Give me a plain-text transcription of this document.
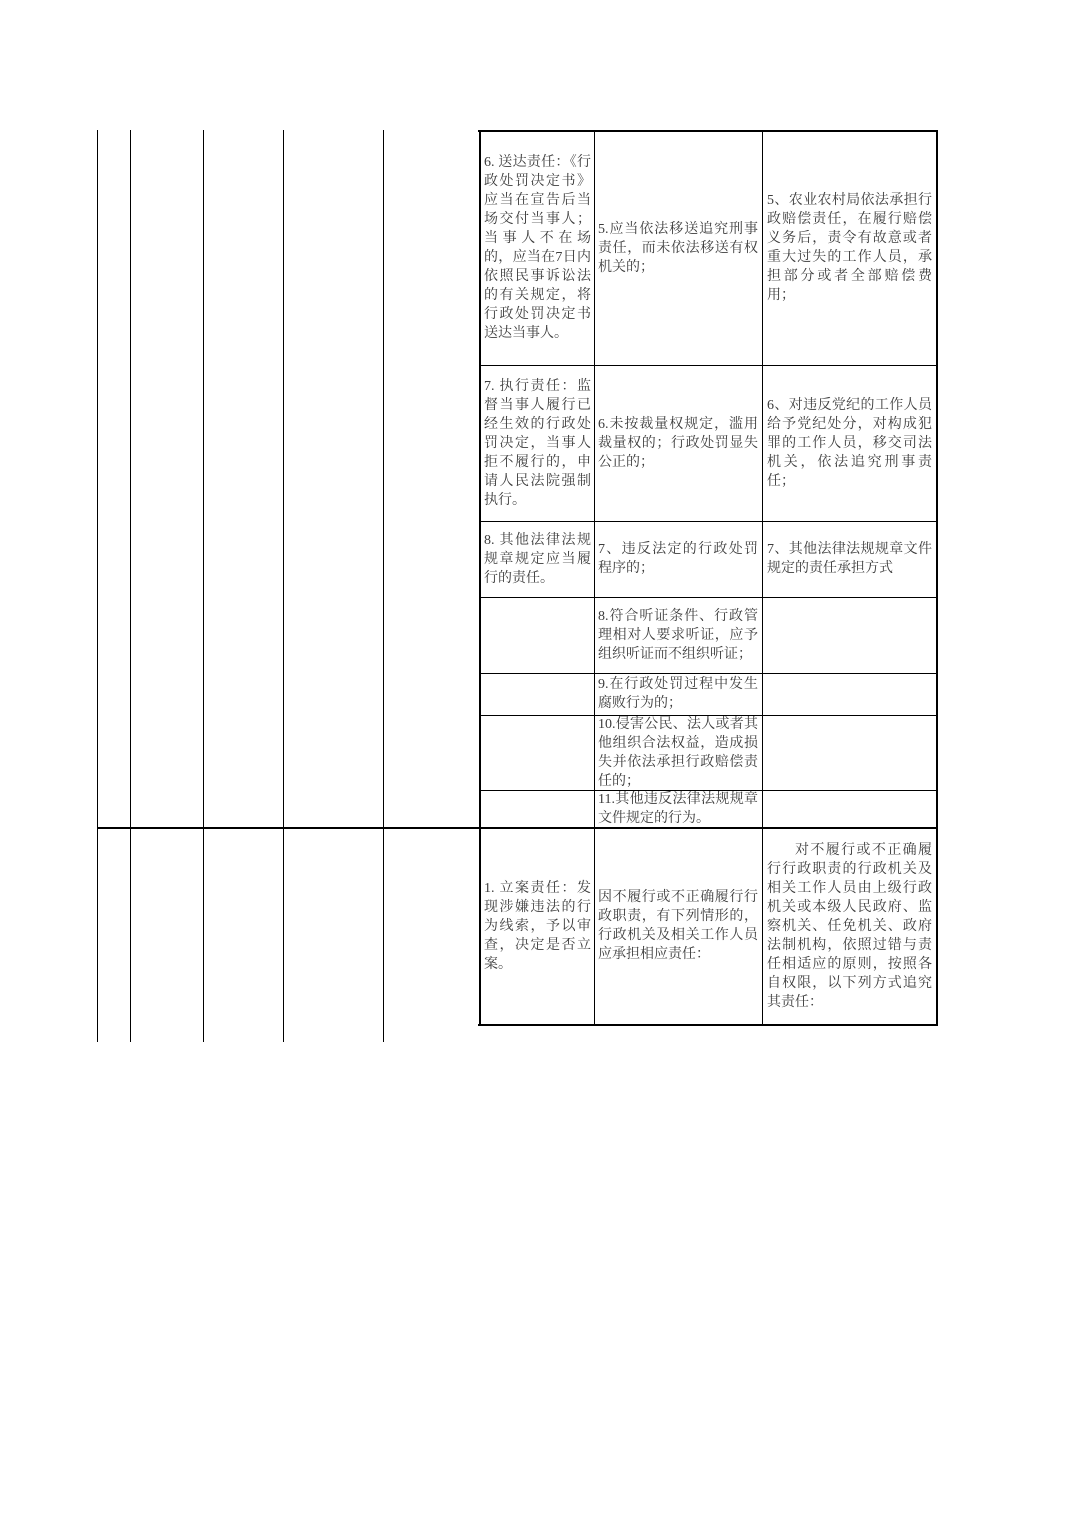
6. 送达责任：《行政处罚决定书》应当在宣告后当场交付当事人；当事人不在场的，应当在7日内依照民事诉讼法的有关规定，将行政处罚决定书送达当事人。
5.应当依法移送追究刑事责任，而未依法移送有权机关的；
5、农业农村局依法承担行政赔偿责任，在履行赔偿义务后，责令有故意或者重大过失的工作人员，承担部分或者全部赔偿费用；
7. 执行责任：监督当事人履行已经生效的行政处罚决定，当事人拒不履行的，申请人民法院强制执行。
6.未按裁量权规定，滥用裁量权的；行政处罚显失公正的；
6、对违反党纪的工作人员给予党纪处分，对构成犯罪的工作人员，移交司法机关，依法追究刑事责任；
8. 其他法律法规规章规定应当履行的责任。
7、违反法定的行政处罚程序的；
7、其他法律法规规章文件规定的责任承担方式
8.符合听证条件、行政管理相对人要求听证，应予组织听证而不组织听证；
9.在行政处罚过程中发生腐败行为的；
10.侵害公民、法人或者其他组织合法权益，造成损失并依法承担行政赔偿责任的；
11.其他违反法律法规规章文件规定的行为。
1. 立案责任：发现涉嫌违法的行为线索，予以审查，决定是否立案。
因不履行或不正确履行行政职责，有下列情形的，行政机关及相关工作人员应承担相应责任：
对不履行或不正确履行行政职责的行政机关及相关工作人员由上级行政机关或本级人民政府、监察机关、任免机关、政府法制机构，依照过错与责任相适应的原则，按照各自权限，以下列方式追究其责任：
